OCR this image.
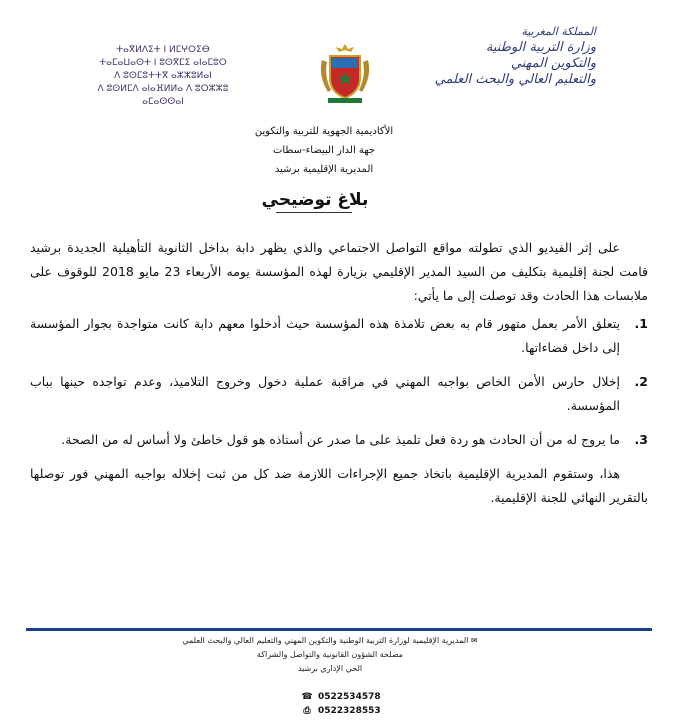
ⵜⴰⴳⵍⴷⵉⵜ ⵏ ⵍⵎⵖⵔⵉⴱ
ⵜⴰⵎⴰⵡⴰⵙⵜ ⵏ ⵓⵙⴳⵎⵉ ⴰⵏⴰⵎⵓⵔ
ⴷ ⵓⵙⵎⵓⵜⵜⴳ ⴰⵣⵣⵓⵍⴰⵏ
ⴷ ⵓⵙⵍⵎⴷ ⴰⵏⴰⴼⵍⵍⴰ ⴷ ⵓⵔⵣⵣⵓ ⴰⵎⴰⵙⵙⴰⵏ
المملكة المغربية
وزارة التربية الوطنية
والتكوين المهني
والتعليم العالي والبحث العلمي
الأكاديمية الجهوية للتربية والتكوين
جهة الدار البيضاء-سطات
المديرية الإقليمية برشيد
بلاغ توضيحي

على إثر الفيديو الذي تطولته مواقع التواصل الاجتماعي والذي يظهر دابة بداخل الثانوية التأهيلية الجديدة برشيد قامت لجنة إقليمية بتكليف من السيد المدير الإقليمي بزيارة لهذه المؤسسة يومه الأربعاء 23 مايو 2018 للوقوف على ملابسات هذا الحادث وقد توصلت إلى ما يأتي:

1.
يتعلق الأمر بعمل متهور قام به بعض تلامذة هذه المؤسسة حيث أدخلوا معهم دابة كانت متواجدة بجوار المؤسسة إلى داخل فضاءاتها.
2.
إخلال حارس الأمن الخاص بواجبه المهني في مراقبة عملية دخول وخروج التلاميذ، وعدم تواجده حينها بباب المؤسسة.
3.
ما يروج له من أن الحادث هو ردة فعل تلميذ على ما صدر عن أستاذه هو قول خاطئ ولا أساس له من الصحة.

هذا، وستقوم المديرية الإقليمية باتخاذ جميع الإجراءات اللازمة ضد كل من ثبت إخلاله بواجبه المهني فور توصلها بالتقرير النهائي للجنة الإقليمية.

✉ المديرية الإقليمية لوزارة التربية الوطنية والتكوين المهني والتعليم العالي والبحث العلمي
مصلحة الشؤون القانونية والتواصل والشراكة
الحي الإداري برشيد
☎ 0522534578
⎙ 0522328553
